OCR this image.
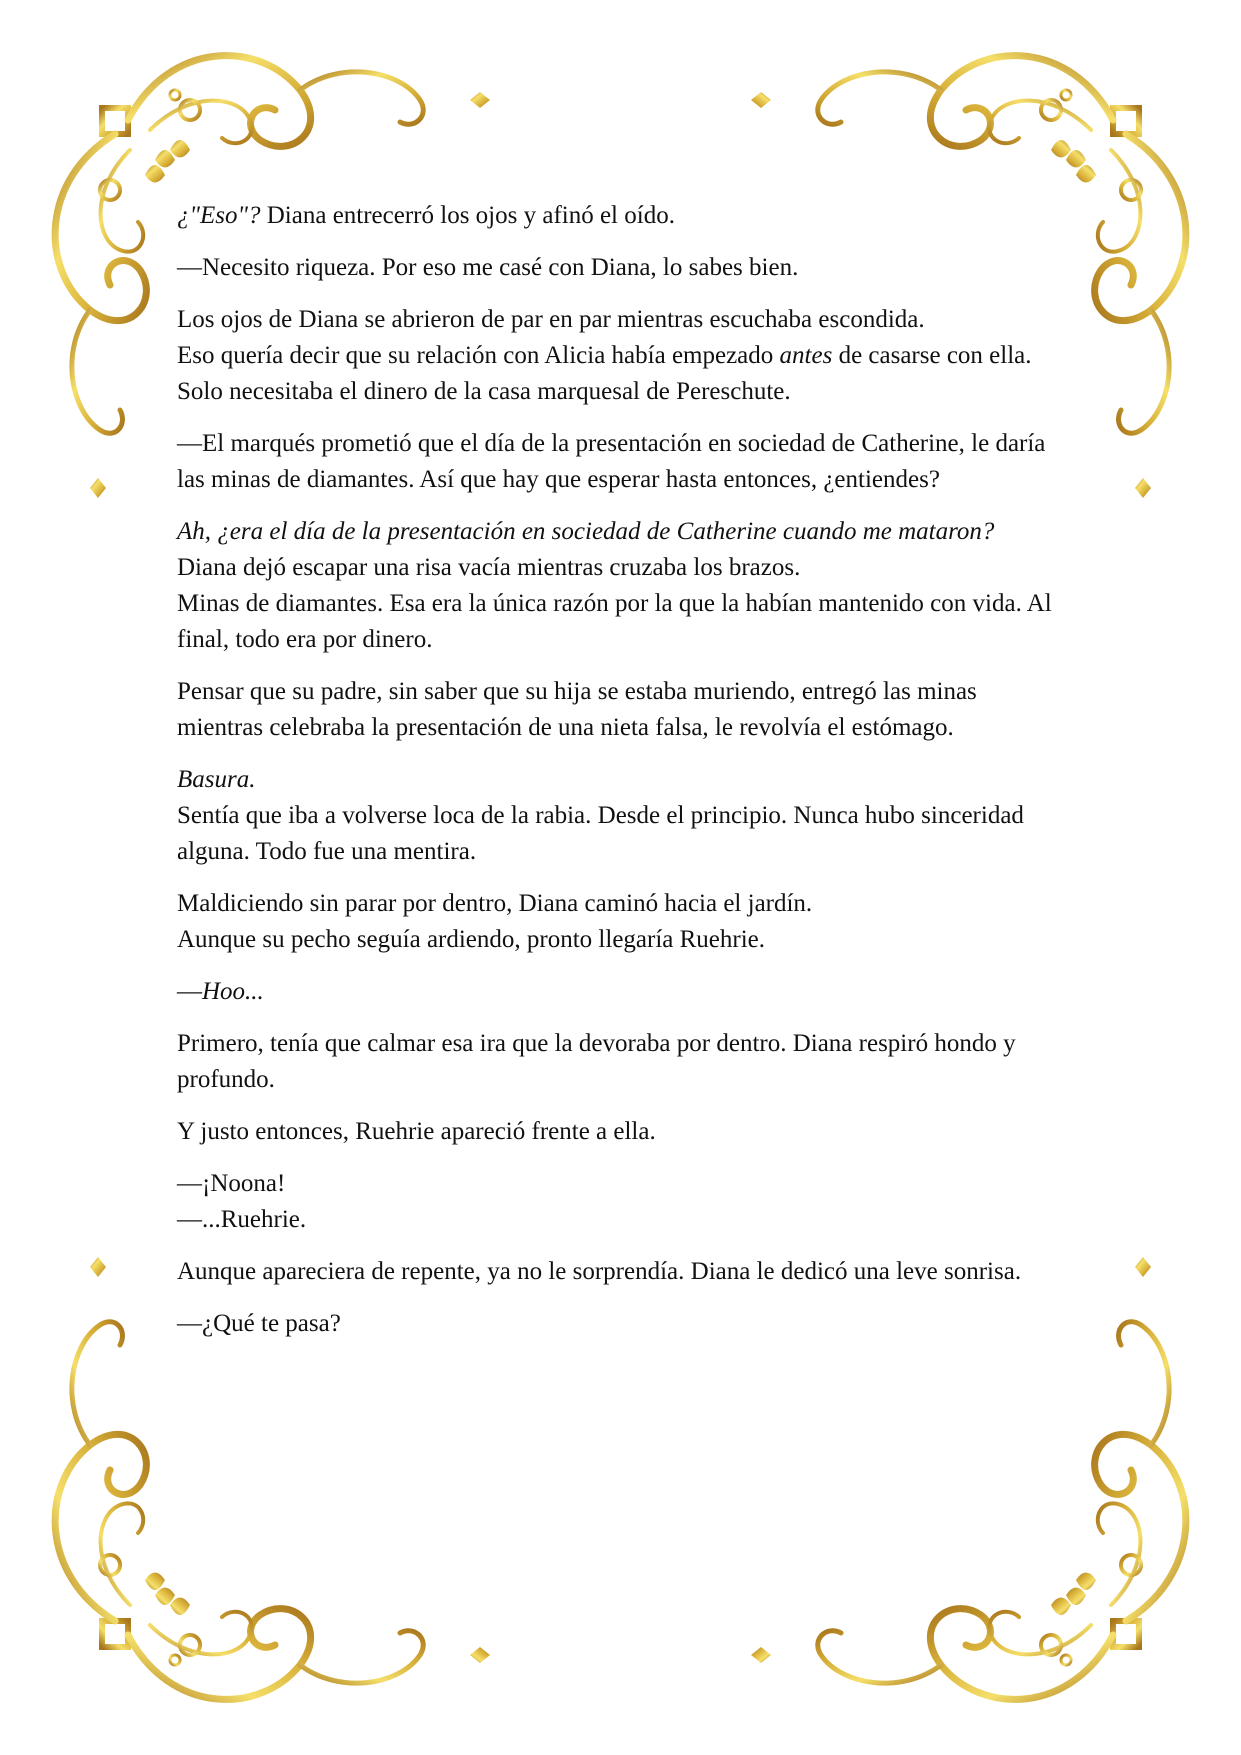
¿"Eso"? Diana entrecerró los ojos y afinó el oído.

—Necesito riqueza. Por eso me casé con Diana, lo sabes bien.

Los ojos de Diana se abrieron de par en par mientras escuchaba escondida.
Eso quería decir que su relación con Alicia había empezado antes de casarse con ella.
Solo necesitaba el dinero de la casa marquesal de Pereschute.

—El marqués prometió que el día de la presentación en sociedad de Catherine, le daría las minas de diamantes. Así que hay que esperar hasta entonces, ¿entiendes?

Ah, ¿era el día de la presentación en sociedad de Catherine cuando me mataron?
Diana dejó escapar una risa vacía mientras cruzaba los brazos.
Minas de diamantes. Esa era la única razón por la que la habían mantenido con vida. Al final, todo era por dinero.

Pensar que su padre, sin saber que su hija se estaba muriendo, entregó las minas mientras celebraba la presentación de una nieta falsa, le revolvía el estómago.

Basura.
Sentía que iba a volverse loca de la rabia. Desde el principio. Nunca hubo sinceridad alguna. Todo fue una mentira.

Maldiciendo sin parar por dentro, Diana caminó hacia el jardín.
Aunque su pecho seguía ardiendo, pronto llegaría Ruehrie.

—Hoo...

Primero, tenía que calmar esa ira que la devoraba por dentro. Diana respiró hondo y profundo.

Y justo entonces, Ruehrie apareció frente a ella.

—¡Noona!
—...Ruehrie.

Aunque apareciera de repente, ya no le sorprendía. Diana le dedicó una leve sonrisa.

—¿Qué te pasa?
